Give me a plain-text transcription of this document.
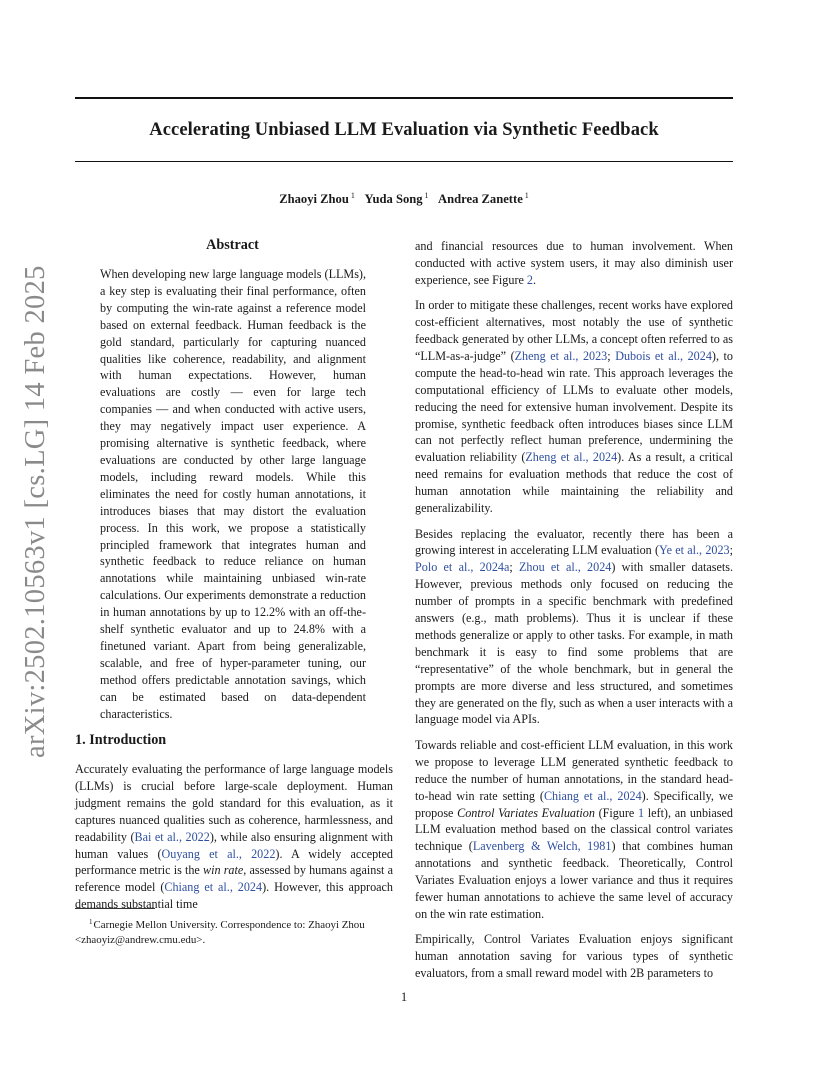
arXiv:2502.10563v1 [cs.LG] 14 Feb 2025
Accelerating Unbiased LLM Evaluation via Synthetic Feedback
Zhaoyi Zhou $^1$ Yuda Song $^1$ Andrea Zanette $^1$
Abstract

When developing new large language models (LLMs), a key step is evaluating their final performance, often by computing the win-rate against a reference model based on external feedback. Human feedback is the gold standard, particularly for capturing nuanced qualities like coherence, readability, and alignment with human expectations. However, human evaluations are costly — even for large tech companies — and when conducted with active users, they may negatively impact user experience. A promising alternative is synthetic feedback, where evaluations are conducted by other large language models, including reward models. While this eliminates the need for costly human annotations, it introduces biases that may distort the evaluation process. In this work, we propose a statistically principled framework that integrates human and synthetic feedback to reduce reliance on human annotations while maintaining unbiased win-rate calculations. Our experiments demonstrate a reduction in human annotations by up to 12.2% with an off-the-shelf synthetic evaluator and up to 24.8% with a finetuned variant. Apart from being generalizable, scalable, and free of hyper-parameter tuning, our method offers predictable annotation savings, which can be estimated based on data-dependent characteristics.

1. Introduction

Accurately evaluating the performance of large language models (LLMs) is crucial before large-scale deployment. Human judgment remains the gold standard for this evaluation, as it captures nuanced qualities such as coherence, harmlessness, and readability (Bai et al., 2022), while also ensuring alignment with human values (Ouyang et al., 2022). A widely accepted performance metric is the win rate, assessed by humans against a reference model (Chiang et al., 2024). However, this approach demands substantial time

$^1$Carnegie Mellon University. Correspondence to: Zhaoyi Zhou <zhaoyiz@andrew.cmu.edu>.

and financial resources due to human involvement. When conducted with active system users, it may also diminish user experience, see Figure 2.

In order to mitigate these challenges, recent works have explored cost-efficient alternatives, most notably the use of synthetic feedback generated by other LLMs, a concept often referred to as “LLM-as-a-judge” (Zheng et al., 2023; Dubois et al., 2024), to compute the head-to-head win rate. This approach leverages the computational efficiency of LLMs to evaluate other models, reducing the need for extensive human involvement. Despite its promise, synthetic feedback often introduces biases since LLM can not perfectly reflect human preference, undermining the evaluation reliability (Zheng et al., 2024). As a result, a critical need remains for evaluation methods that reduce the cost of human annotation while maintaining the reliability and generalizability.

Besides replacing the evaluator, recently there has been a growing interest in accelerating LLM evaluation (Ye et al., 2023; Polo et al., 2024a; Zhou et al., 2024) with smaller datasets. However, previous methods only focused on reducing the number of prompts in a specific benchmark with predefined answers (e.g., math problems). Thus it is unclear if these methods generalize or apply to other tasks. For example, in math benchmark it is easy to find some problems that are “representative” of the whole benchmark, but in general the prompts are more diverse and less structured, and sometimes they are generated on the fly, such as when a user interacts with a language model via APIs.

Towards reliable and cost-efficient LLM evaluation, in this work we propose to leverage LLM generated synthetic feedback to reduce the number of human annotations, in the standard head-to-head win rate setting (Chiang et al., 2024). Specifically, we propose Control Variates Evaluation (Figure 1 left), an unbiased LLM evaluation method based on the classical control variates technique (Lavenberg & Welch, 1981) that combines human annotations and synthetic feedback. Theoretically, Control Variates Evaluation enjoys a lower variance and thus it requires fewer human annotations to achieve the same level of accuracy on the win rate estimation.

Empirically, Control Variates Evaluation enjoys significant human annotation saving for various types of synthetic evaluators, from a small reward model with 2B parameters to

1
